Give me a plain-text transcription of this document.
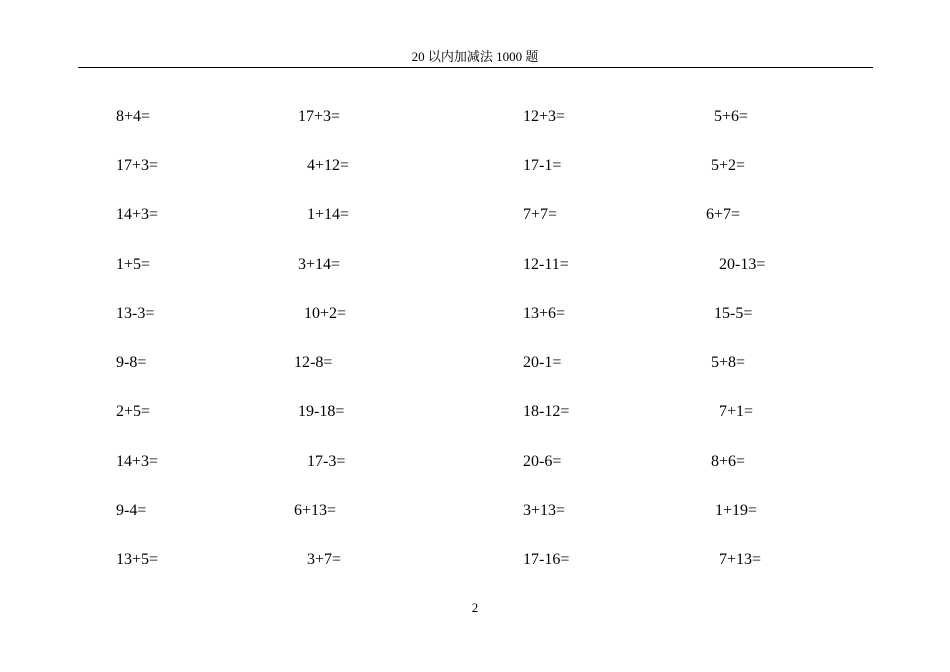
20 以内加减法 1000 题
8+4=	17+3=	12+3=	5+6=
17+3=	4+12=	17-1=	5+2=
14+3=	1+14=	7+7=	6+7=
1+5=	3+14=	12-11=	20-13=
13-3=	10+2=	13+6=	15-5=
9-8=	12-8=	20-1=	5+8=
2+5=	19-18=	18-12=	7+1=
14+3=	17-3=	20-6=	8+6=
9-4=	6+13=	3+13=	1+19=
13+5=	3+7=	17-16=	7+13=
2
